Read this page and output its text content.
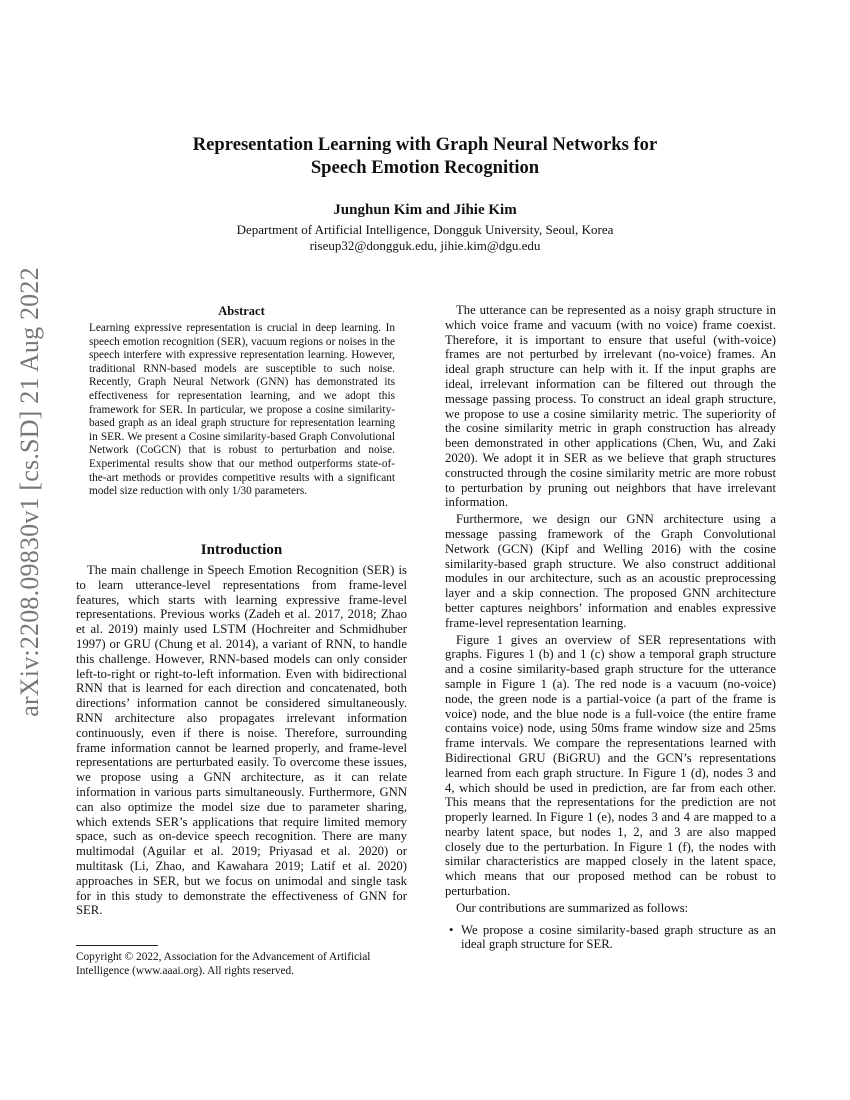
Representation Learning with Graph Neural Networks for
Speech Emotion Recognition
Junghun Kim and Jihie Kim
Department of Artificial Intelligence, Dongguk University, Seoul, Korea
riseup32@dongguk.edu, jihie.kim@dgu.edu
arXiv:2208.09830v1 [cs.SD] 21 Aug 2022	Abstract
Learning expressive representation is crucial in deep learning. In speech emotion recognition (SER), vacuum regions or noises in the speech interfere with expressive representation learning. However, traditional RNN-based models are susceptible to such noise. Recently, Graph Neural Network (GNN) has demonstrated its effectiveness for representation learning, and we adopt this framework for SER. In particular, we propose a cosine similarity-based graph as an ideal graph structure for representation learning in SER. We present a Cosine similarity-based Graph Convolutional Network (CoGCN) that is robust to perturbation and noise. Experimental results show that our method outperforms state-of-the-art methods or provides competitive results with a significant model size reduction with only 1/30 parameters.
Introduction

The main challenge in Speech Emotion Recognition (SER) is to learn utterance-level representations from frame-level features, which starts with learning expressive frame-level representations. Previous works (Zadeh et al. 2017, 2018; Zhao et al. 2019) mainly used LSTM (Hochreiter and Schmidhuber 1997) or GRU (Chung et al. 2014), a variant of RNN, to handle this challenge. However, RNN-based models can only consider left-to-right or right-to-left information. Even with bidirectional RNN that is learned for each direction and concatenated, both directions’ information cannot be considered simultaneously. RNN architecture also propagates irrelevant information continuously, even if there is noise. Therefore, surrounding frame information cannot be learned properly, and frame-level representations are perturbated easily. To overcome these issues, we propose using a GNN architecture, as it can relate information in various parts simultaneously. Furthermore, GNN can also optimize the model size due to parameter sharing, which extends SER’s applications that require limited memory space, such as on-device speech recognition. There are many multimodal (Aguilar et al. 2019; Priyasad et al. 2020) or multitask (Li, Zhao, and Kawahara 2019; Latif et al. 2020) approaches in SER, but we focus on unimodal and single task for in this study to demonstrate the effectiveness of GNN for SER.

Copyright © 2022, Association for the Advancement of Artificial Intelligence (www.aaai.org). All rights reserved.

The utterance can be represented as a noisy graph structure in which voice frame and vacuum (with no voice) frame coexist. Therefore, it is important to ensure that useful (with-voice) frames are not perturbed by irrelevant (no-voice) frames. An ideal graph structure can help with it. If the input graphs are ideal, irrelevant information can be filtered out through the message passing process. To construct an ideal graph structure, we propose to use a cosine similarity metric. The superiority of the cosine similarity metric in graph construction has already been demonstrated in other applications (Chen, Wu, and Zaki 2020). We adopt it in SER as we believe that graph structures constructed through the cosine similarity metric are more robust to perturbation by pruning out neighbors that have irrelevant information.

Furthermore, we design our GNN architecture using a message passing framework of the Graph Convolutional Network (GCN) (Kipf and Welling 2016) with the cosine similarity-based graph structure. We also construct additional modules in our architecture, such as an acoustic preprocessing layer and a skip connection. The proposed GNN architecture better captures neighbors’ information and enables expressive frame-level representation learning.

Figure 1 gives an overview of SER representations with graphs. Figures 1 (b) and 1 (c) show a temporal graph structure and a cosine similarity-based graph structure for the utterance sample in Figure 1 (a). The red node is a vacuum (no-voice) node, the green node is a partial-voice (a part of the frame is voice) node, and the blue node is a full-voice (the entire frame contains voice) node, using 50ms frame window size and 25ms frame intervals. We compare the representations learned with Bidirectional GRU (BiGRU) and the GCN’s representations learned from each graph structure. In Figure 1 (d), nodes 3 and 4, which should be used in prediction, are far from each other. This means that the representations for the prediction are not properly learned. In Figure 1 (e), nodes 3 and 4 are mapped to a nearby latent space, but nodes 1, 2, and 3 are also mapped closely due to the perturbation. In Figure 1 (f), the nodes with similar characteristics are mapped closely in the latent space, which means that our proposed method can be robust to perturbation.

Our contributions are summarized as follows:

• We propose a cosine similarity-based graph structure as an ideal graph structure for SER.
